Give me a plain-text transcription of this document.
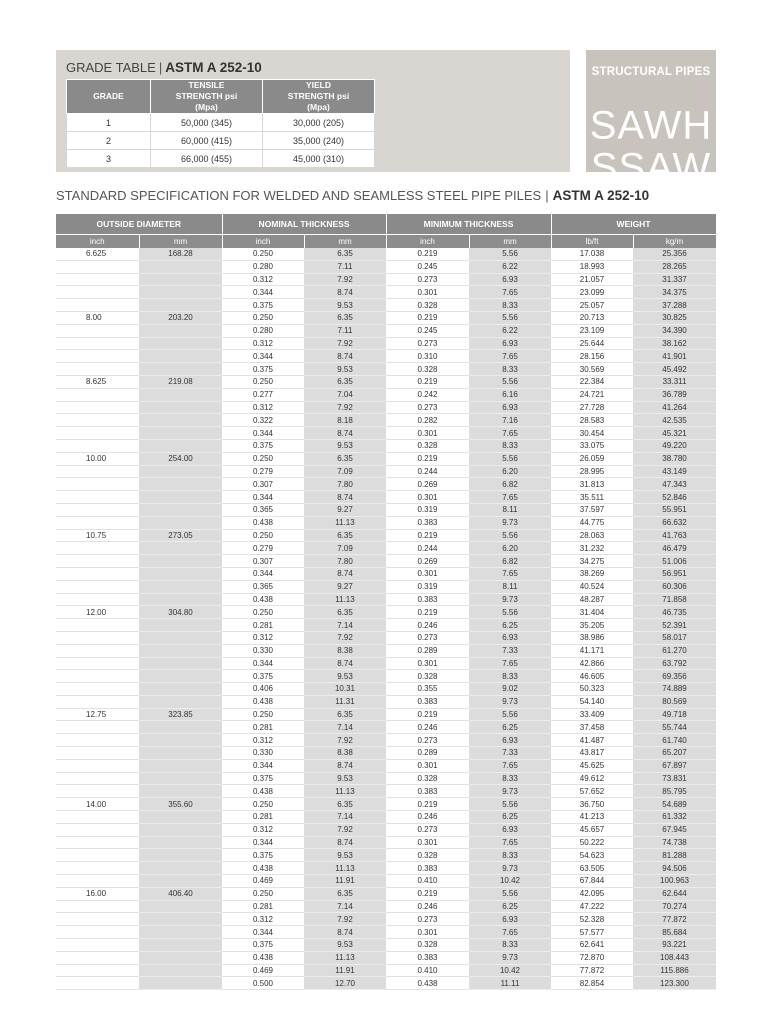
GRADE TABLE | ASTM A 252-10
GRADE	TENSILE STRENGTH psi (Mpa)	YIELD STRENGTH psi (Mpa)

1	50,000 (345)	30,000 (205)
2	60,000 (415)	35,000 (240)
3	66,000 (455)	45,000 (310)
STRUCTURAL PIPES
SAWH
SSAW
STANDARD SPECIFICATION FOR WELDED AND SEAMLESS STEEL PIPE PILES | ASTM A 252-10
OUTSIDE DIAMETER		NOMINAL THICKNESS		MINIMUM THICKNESS		WEIGHT	
inch	mm	inch	mm	inch	mm	lb/ft	kg/m
6.625	168.28	0.250	6.35	0.219	5.56	17.038	25.356
		0.280	7.11	0.245	6.22	18.993	28.265
		0.312	7.92	0.273	6.93	21.057	31.337
		0.344	8.74	0.301	7.65	23.099	34.375
		0.375	9.53	0.328	8.33	25.057	37.288
8.00	203.20	0.250	6.35	0.219	5.56	20.713	30.825
		0.280	7.11	0.245	6.22	23.109	34.390
		0.312	7.92	0.273	6.93	25.644	38.162
		0.344	8.74	0.310	7.65	28.156	41.901
		0.375	9.53	0.328	8.33	30.569	45.492
8.625	219.08	0.250	6.35	0.219	5.56	22.384	33.311
		0.277	7.04	0.242	6.16	24.721	36.789
		0.312	7.92	0.273	6.93	27.728	41.264
		0.322	8.18	0.282	7.16	28.583	42.535
		0.344	8.74	0.301	7.65	30.454	45.321
		0.375	9.53	0.328	8.33	33.075	49.220
10.00	254.00	0.250	6.35	0.219	5.56	26.059	38.780
		0.279	7.09	0.244	6.20	28.995	43.149
		0.307	7.80	0.269	6.82	31.813	47.343
		0.344	8.74	0.301	7.65	35.511	52.846
		0.365	9.27	0.319	8.11	37.597	55.951
		0.438	11.13	0.383	9.73	44.775	66.632
10.75	273.05	0.250	6.35	0.219	5.56	28.063	41.763
		0.279	7.09	0.244	6.20	31.232	46.479
		0.307	7.80	0.269	6.82	34.275	51.006
		0.344	8.74	0.301	7.65	38.269	56.951
		0.365	9.27	0.319	8.11	40.524	60.306
		0.438	11.13	0.383	9.73	48.287	71.858
12.00	304.80	0.250	6.35	0.219	5.56	31.404	46.735
		0.281	7.14	0.246	6.25	35.205	52.391
		0.312	7.92	0.273	6.93	38.986	58.017
		0.330	8.38	0.289	7.33	41.171	61.270
		0.344	8.74	0.301	7.65	42.866	63.792
		0.375	9.53	0.328	8.33	46.605	69.356
		0.406	10.31	0.355	9.02	50.323	74.889
		0.438	11.31	0.383	9.73	54.140	80.569
12.75	323.85	0.250	6.35	0.219	5.56	33.409	49.718
		0.281	7.14	0.246	6.25	37.458	55.744
		0.312	7.92	0.273	6.93	41.487	61.740
		0.330	8.38	0.289	7.33	43.817	65.207
		0.344	8.74	0.301	7.65	45.625	67.897
		0.375	9.53	0.328	8.33	49.612	73.831
		0.438	11.13	0.383	9.73	57.652	85.795
14.00	355.60	0.250	6.35	0.219	5.56	36.750	54.689
		0.281	7.14	0.246	6.25	41.213	61.332
		0.312	7.92	0.273	6.93	45.657	67.945
		0.344	8.74	0.301	7.65	50.222	74.738
		0.375	9.53	0.328	8.33	54.623	81.288
		0.438	11.13	0.383	9.73	63.505	94.506
		0.469	11.91	0.410	10.42	67.844	100.963
16.00	406.40	0.250	6.35	0.219	5.56	42.095	62.644
		0.281	7.14	0.246	6.25	47.222	70.274
		0.312	7.92	0.273	6.93	52.328	77.872
		0.344	8.74	0.301	7.65	57.577	85.684
		0.375	9.53	0.328	8.33	62.641	93.221
		0.438	11.13	0.383	9.73	72.870	108.443
		0.469	11.91	0.410	10.42	77.872	115.886
		0.500	12.70	0.438	11.11	82.854	123.300
